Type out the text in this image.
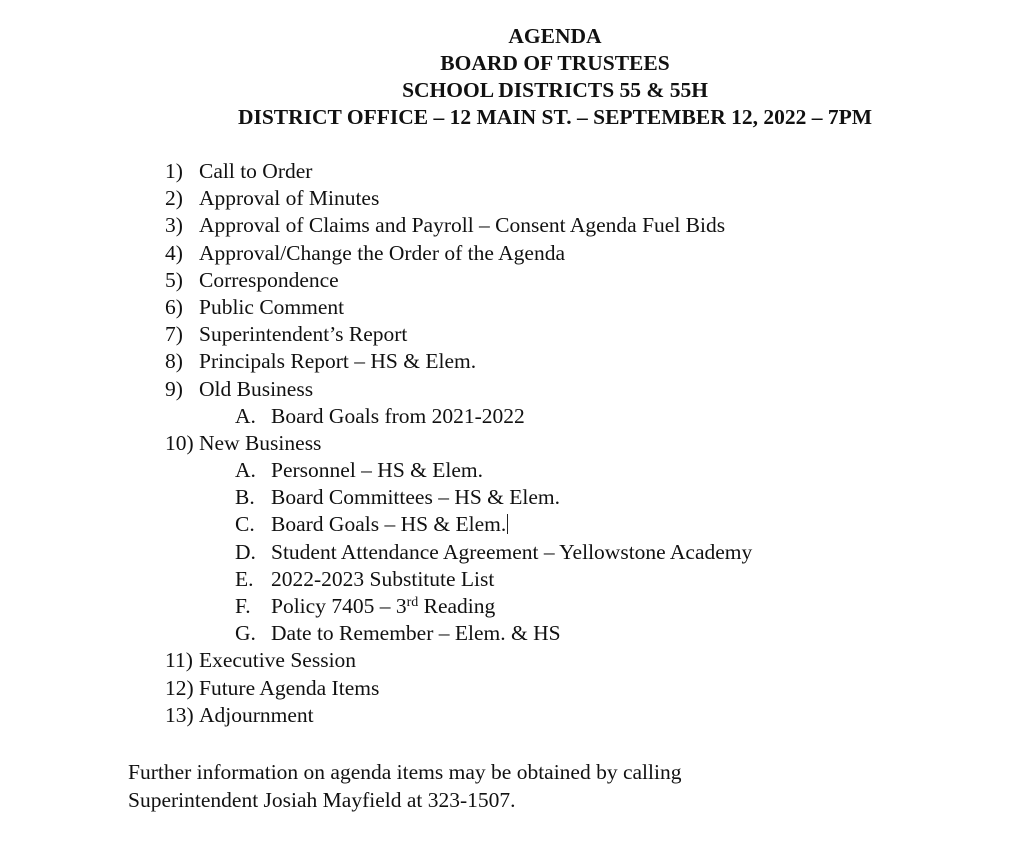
AGENDA
BOARD OF TRUSTEES
SCHOOL DISTRICTS 55 & 55H
DISTRICT OFFICE – 12 MAIN ST. – SEPTEMBER 12, 2022 – 7PM
1) Call to Order
2) Approval of Minutes
3) Approval of Claims and Payroll – Consent Agenda Fuel Bids
4) Approval/Change the Order of the Agenda
5) Correspondence
6) Public Comment
7) Superintendent’s Report
8) Principals Report – HS & Elem.
9) Old Business
A. Board Goals from 2021-2022
10) New Business
A. Personnel – HS & Elem.
B. Board Committees – HS & Elem.
C. Board Goals – HS & Elem.
D. Student Attendance Agreement – Yellowstone Academy
E. 2022-2023 Substitute List
F. Policy 7405 – 3rd Reading
G. Date to Remember – Elem. & HS
11) Executive Session
12) Future Agenda Items
13) Adjournment
Further information on agenda items may be obtained by calling
Superintendent Josiah Mayfield at 323-1507.
